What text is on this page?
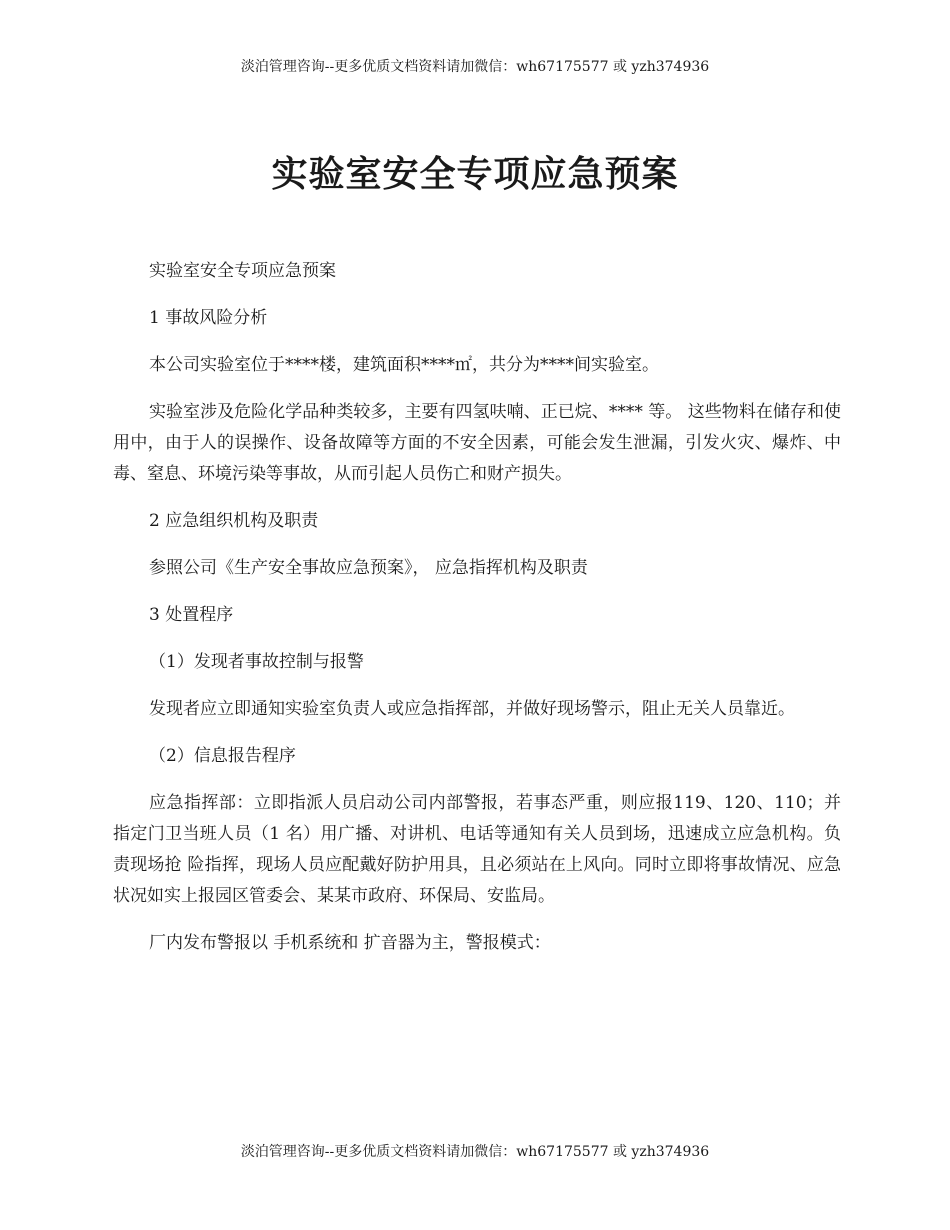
淡泊管理咨询--更多优质文档资料请加微信：wh67175577 或 yzh374936
实验室安全专项应急预案

实验室安全专项应急预案

1 事故风险分析

本公司实验室位于****楼，建筑面积****㎡，共分为****间实验室。

实验室涉及危险化学品种类较多，主要有四氢呋喃、正已烷、**** 等。 这些物料在储存和使用中，由于人的误操作、设备故障等方面的不安全因素，可能会发生泄漏，引发火灾、爆炸、中毒、窒息、环境污染等事故，从而引起人员伤亡和财产损失。

2 应急组织机构及职责

参照公司《生产安全事故应急预案》， 应急指挥机构及职责

3 处置程序

（1）发现者事故控制与报警

发现者应立即通知实验室负责人或应急指挥部，并做好现场警示，阻止无关人员靠近。

（2）信息报告程序

应急指挥部：立即指派人员启动公司内部警报，若事态严重，则应报119、120、110；并指定门卫当班人员（1 名）用广播、对讲机、电话等通知有关人员到场，迅速成立应急机构。负责现场抢 险指挥，现场人员应配戴好防护用具，且必须站在上风向。同时立即将事故情况、应急状况如实上报园区管委会、某某市政府、环保局、安监局。

厂内发布警报以 手机系统和 扩音器为主，警报模式：

淡泊管理咨询--更多优质文档资料请加微信：wh67175577 或 yzh374936
